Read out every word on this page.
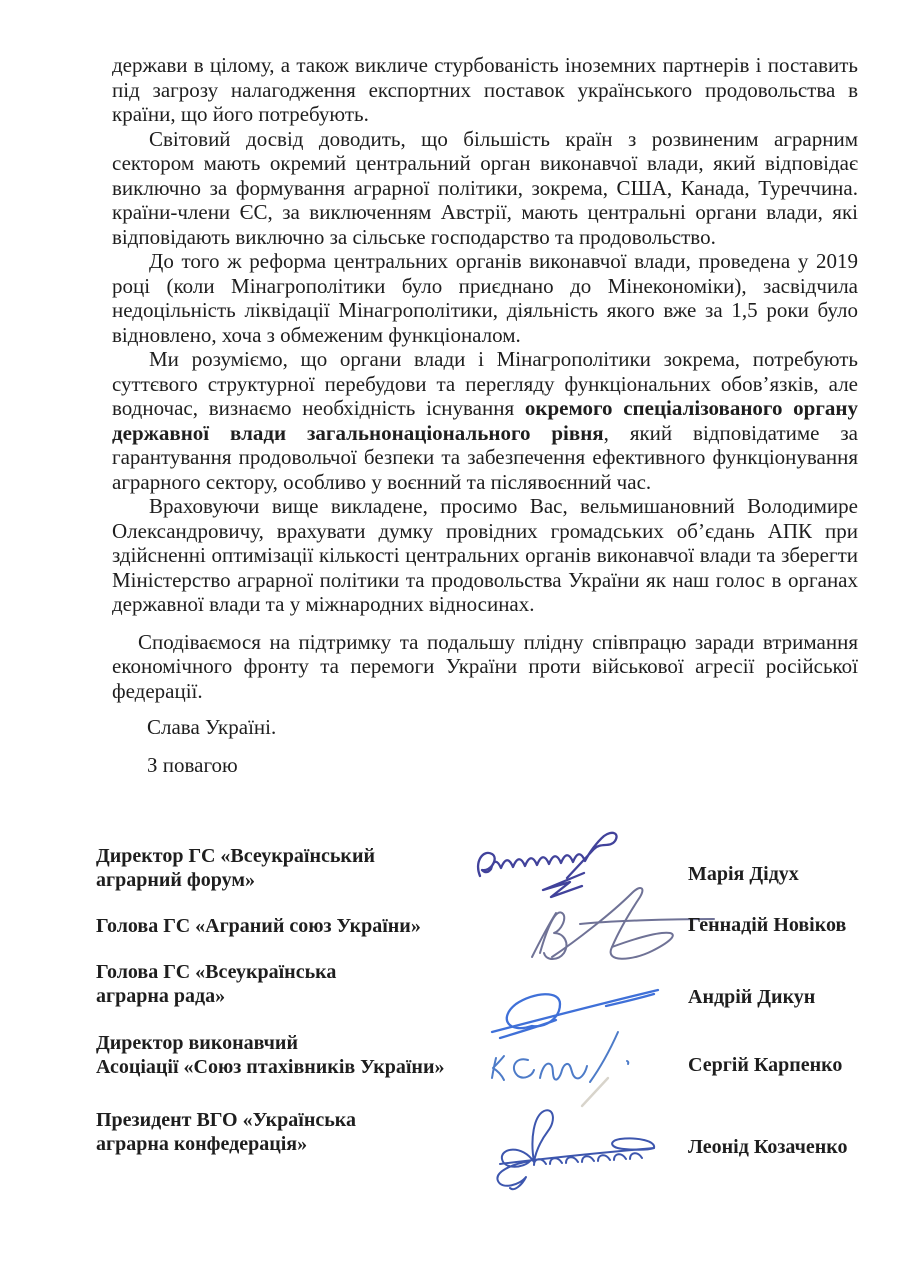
держави в цілому, а також викличе стурбованість іноземних партнерів і поставить під загрозу налагодження експортних поставок українського продовольства в країни, що його потребують.

Світовий досвід доводить, що більшість країн з розвиненим аграрним сектором мають окремий центральний орган виконавчої влади, який відповідає виключно за формування аграрної політики, зокрема, США, Канада, Туреччина. країни-члени ЄС, за виключенням Австрії, мають центральні органи влади, які відповідають виключно за сільське господарство та продовольство.

До того ж реформа центральних органів виконавчої влади, проведена у 2019 році (коли Мінагрополітики було приєднано до Мінекономіки), засвідчила недоцільність ліквідації Мінагрополітики, діяльність якого вже за 1,5 роки було відновлено, хоча з обмеженим функціоналом.

Ми розуміємо, що органи влади і Мінагрополітики зокрема, потребують суттєвого структурної перебудови та перегляду функціональних обов’язків, але водночас, визнаємо необхідність існування окремого спеціалізованого органу державної влади загальнонаціонального рівня, який відповідатиме за гарантування продовольчої безпеки та забезпечення ефективного функціонування аграрного сектору, особливо у воєнний та післявоєнний час.

Враховуючи вище викладене, просимо Вас, вельмишановний Володимире Олександровичу, врахувати думку провідних громадських об’єдань АПК при здійсненні оптимізації кількості центральних органів виконавчої влади та зберегти Міністерство аграрної політики та продовольства України як наш голос в органах державної влади та у міжнародних відносинах.

Сподіваємося на підтримку та подальшу плідну співпрацю заради втримання економічного фронту та перемоги України проти військової агресії російської федерації.

Слава Україні.

З повагою

Директор ГС «Всеукраїнський
аграрний форум»	Марія Дідух
Голова ГС «Аграний союз України»	Геннадій Новіков
Голова ГС «Всеукраїнська
аграрна рада»	Андрій Дикун
Директор виконавчий
Асоціації «Союз птахівників України»	Сергій Карпенко
Президент ВГО «Українська
аграрна конфедерація»	Леонід Козаченко
